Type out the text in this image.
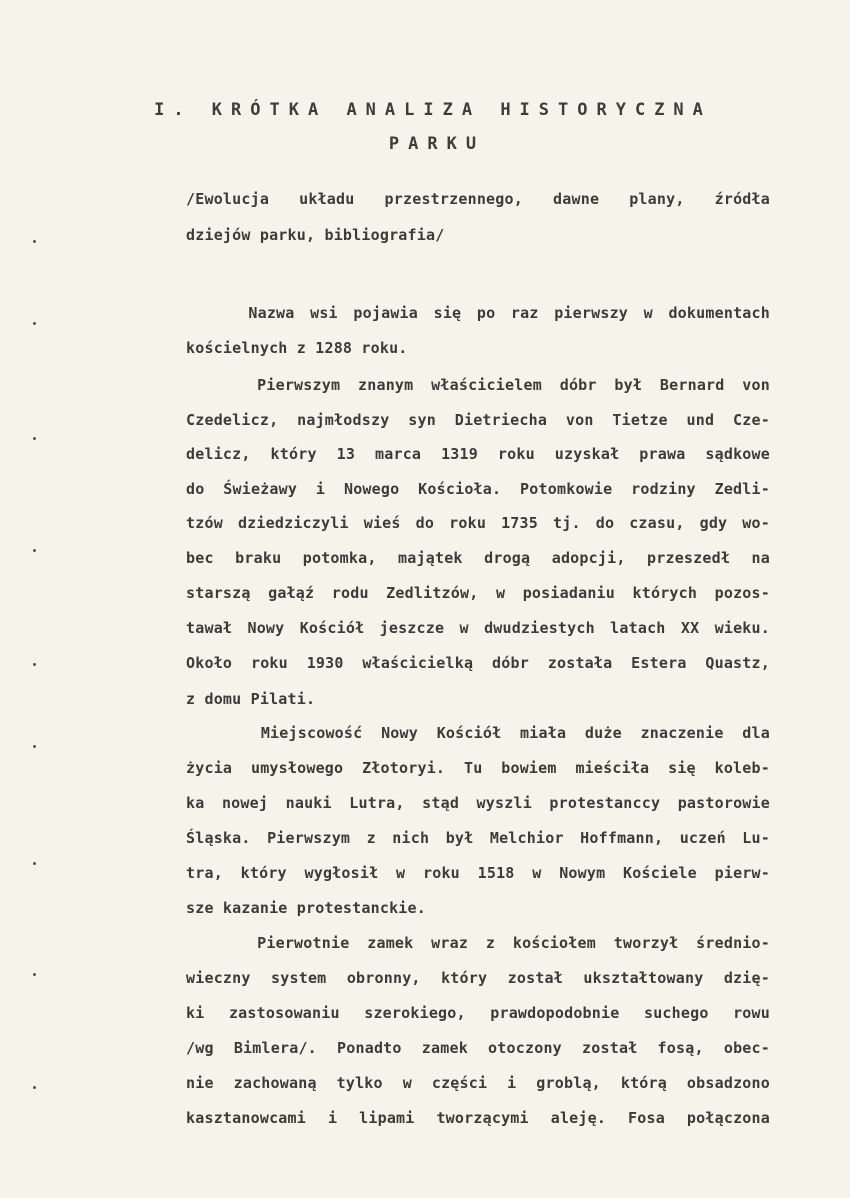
I. KRÓTKA ANALIZA HISTORYCZNA
PARKU
/Ewolucja układu przestrzennego, dawne plany, źródła
dziejów parku, bibliografia/
Nazwa wsi pojawia się po raz pierwszy w dokumentach
kościelnych z 1288 roku.
Pierwszym znanym właścicielem dóbr był Bernard von
Czedelicz, najmłodszy syn Dietriecha von Tietze und Cze-
delicz, który 13 marca 1319 roku uzyskał prawa sądkowe
do Świeżawy i Nowego Kościoła. Potomkowie rodziny Zedli-
tzów dziedziczyli wieś do roku 1735 tj. do czasu, gdy wo-
bec braku potomka, majątek drogą adopcji, przeszedł na
starszą gałąź rodu Zedlitzów, w posiadaniu których pozos-
tawał Nowy Kościół jeszcze w dwudziestych latach XX wieku.
Około roku 1930 właścicielką dóbr została Estera Quastz,
z domu Pilati.
Miejscowość Nowy Kościół miała duże znaczenie dla
życia umysłowego Złotoryi. Tu bowiem mieściła się koleb-
ka nowej nauki Lutra, stąd wyszli protestanccy pastorowie
Śląska. Pierwszym z nich był Melchior Hoffmann, uczeń Lu-
tra, który wygłosił w roku 1518 w Nowym Kościele pierw-
sze kazanie protestanckie.
Pierwotnie zamek wraz z kościołem tworzył średnio-
wieczny system obronny, który został ukształtowany dzię-
ki zastosowaniu szerokiego, prawdopodobnie suchego rowu
/wg Bimlera/. Ponadto zamek otoczony został fosą, obec-
nie zachowaną tylko w części i groblą, którą obsadzono
kasztanowcami i lipami tworzącymi aleję. Fosa połączona
